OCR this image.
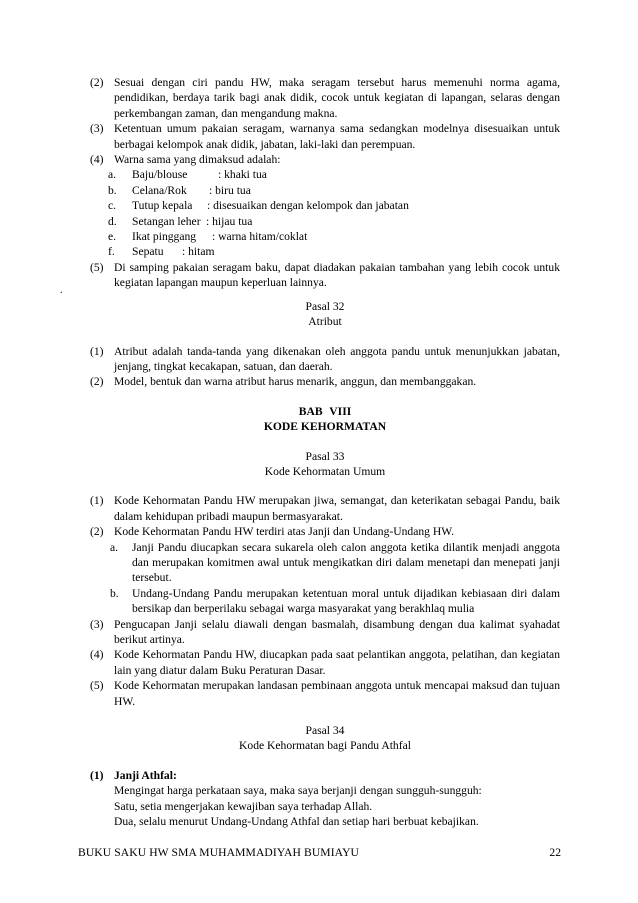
.
(2) Sesuai dengan ciri pandu HW, maka seragam tersebut harus memenuhi norma agama, pendidikan, berdaya tarik bagi anak didik, cocok untuk kegiatan di lapangan, selaras dengan perkembangan zaman, dan mengandung makna.
(3) Ketentuan umum pakaian seragam, warnanya sama sedangkan modelnya disesuaikan untuk berbagai kelompok anak didik, jabatan, laki-laki dan perempuan.
(4) Warna sama yang dimaksud adalah:
a. Baju/blouse	: khaki tua
b. Celana/Rok : biru tua
c. Tutup kepala : disesuaikan dengan kelompok dan jabatan
d. Setangan leher : hijau tua
e. Ikat pinggang : warna hitam/coklat
f. Sepatu : hitam
(5) Di samping pakaian seragam baku, dapat diadakan pakaian tambahan yang lebih cocok untuk kegiatan lapangan maupun keperluan lainnya.
Pasal 32
Atribut
(1) Atribut adalah tanda-tanda yang dikenakan oleh anggota pandu untuk menunjukkan jabatan, jenjang, tingkat kecakapan, satuan, dan daerah.
(2) Model, bentuk dan warna atribut harus menarik, anggun, dan membanggakan.
BAB VIII
KODE KEHORMATAN
Pasal 33
Kode Kehormatan Umum
(1) Kode Kehormatan Pandu HW merupakan jiwa, semangat, dan keterikatan sebagai Pandu, baik dalam kehidupan pribadi maupun bermasyarakat.
(2) Kode Kehormatan Pandu HW terdiri atas Janji dan Undang-Undang HW.
a. Janji Pandu diucapkan secara sukarela oleh calon anggota ketika dilantik menjadi anggota dan merupakan komitmen awal untuk mengikatkan diri dalam menetapi dan menepati janji tersebut.
b. Undang-Undang Pandu merupakan ketentuan moral untuk dijadikan kebiasaan diri dalam bersikap dan berperilaku sebagai warga masyarakat yang berakhlaq mulia
(3) Pengucapan Janji selalu diawali dengan basmalah, disambung dengan dua kalimat syahadat berikut artinya.
(4) Kode Kehormatan Pandu HW, diucapkan pada saat pelantikan anggota, pelatihan, dan kegiatan lain yang diatur dalam Buku Peraturan Dasar.
(5) Kode Kehormatan merupakan landasan pembinaan anggota untuk mencapai maksud dan tujuan HW.
Pasal 34
Kode Kehormatan bagi Pandu Athfal
(1) Janji Athfal:
Mengingat harga perkataan saya, maka saya berjanji dengan sungguh-sungguh:
Satu, setia mengerjakan kewajiban saya terhadap Allah.
Dua, selalu menurut Undang-Undang Athfal dan setiap hari berbuat kebajikan.
BUKU SAKU HW SMA MUHAMMADIYAH BUMIAYU	22
